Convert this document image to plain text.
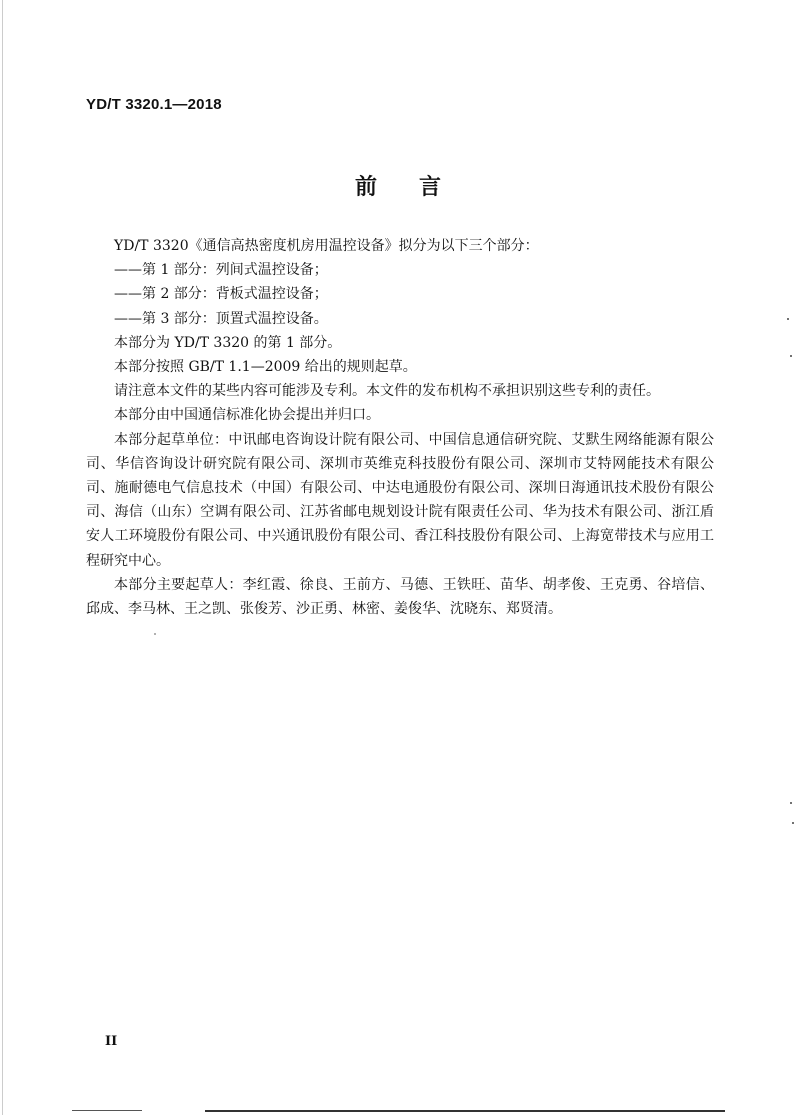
YD/T 3320.1—2018
前言

YD/T 3320《通信高热密度机房用温控设备》拟分为以下三个部分：

——第 1 部分：列间式温控设备；

——第 2 部分：背板式温控设备；

——第 3 部分：顶置式温控设备。

本部分为 YD/T 3320 的第 1 部分。

本部分按照 GB/T 1.1—2009 给出的规则起草。

请注意本文件的某些内容可能涉及专利。本文件的发布机构不承担识别这些专利的责任。

本部分由中国通信标准化协会提出并归口。

本部分起草单位：中讯邮电咨询设计院有限公司、中国信息通信研究院、艾默生网络能源有限公司、华信咨询设计研究院有限公司、深圳市英维克科技股份有限公司、深圳市艾特网能技术有限公司、施耐德电气信息技术（中国）有限公司、中达电通股份有限公司、深圳日海通讯技术股份有限公司、海信（山东）空调有限公司、江苏省邮电规划设计院有限责任公司、华为技术有限公司、浙江盾安人工环境股份有限公司、中兴通讯股份有限公司、香江科技股份有限公司、上海宽带技术与应用工程研究中心。

本部分主要起草人：李红霞、徐良、王前方、马德、王铁旺、苗华、胡孝俊、王克勇、谷培信、邱成、李马林、王之凯、张俊芳、沙正勇、林密、姜俊华、沈晓东、郑贤清。

II
